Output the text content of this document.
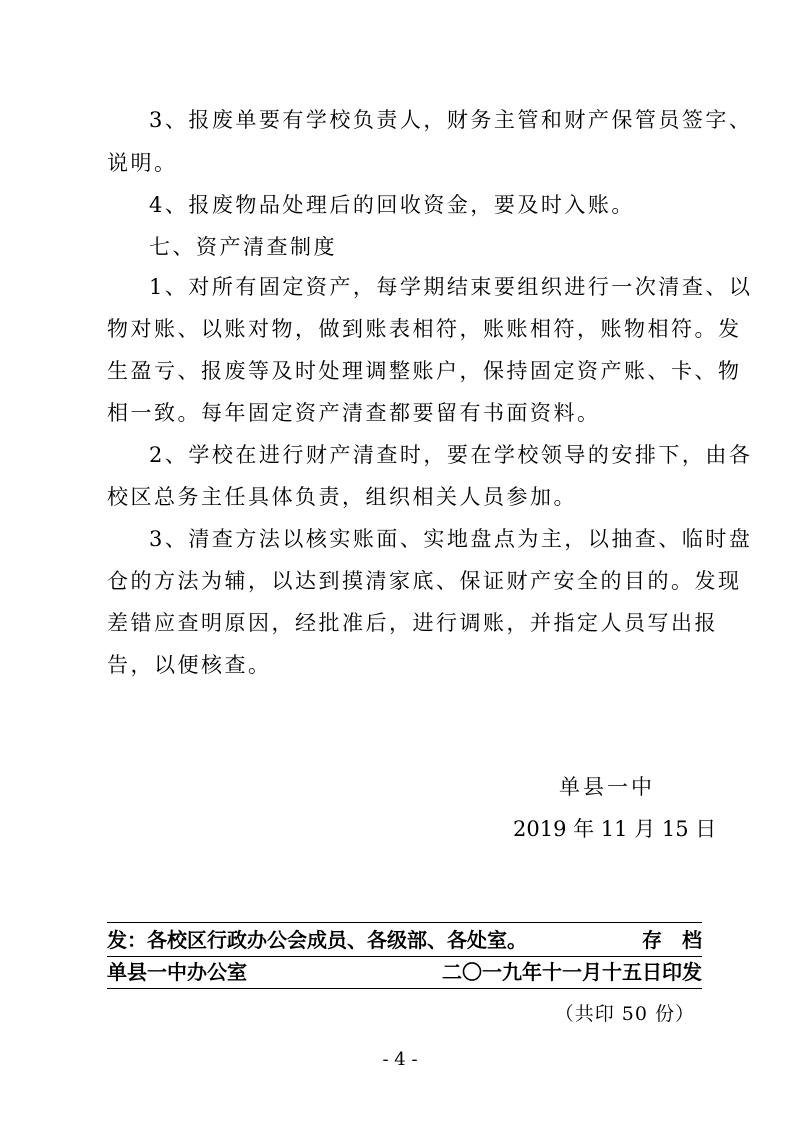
3、报废单要有学校负责人，财务主管和财产保管员签字、
说明。
4、报废物品处理后的回收资金，要及时入账。
七、资产清查制度
1、对所有固定资产，每学期结束要组织进行一次清查、以
物对账、以账对物，做到账表相符，账账相符，账物相符。发
生盈亏、报废等及时处理调整账户，保持固定资产账、卡、物
相一致。每年固定资产清查都要留有书面资料。
2、学校在进行财产清查时，要在学校领导的安排下，由各
校区总务主任具体负责，组织相关人员参加。
3、清查方法以核实账面、实地盘点为主，以抽查、临时盘
仓的方法为辅，以达到摸清家底、保证财产安全的目的。发现
差错应查明原因，经批准后，进行调账，并指定人员写出报
告，以便核查。
单县一中
2019 年 11 月 15 日
发：各校区行政办公会成员、各级部、各处室。	存　档
单县一中办公室	二〇一九年十一月十五日印发
（共印 50 份）
- 4 -
